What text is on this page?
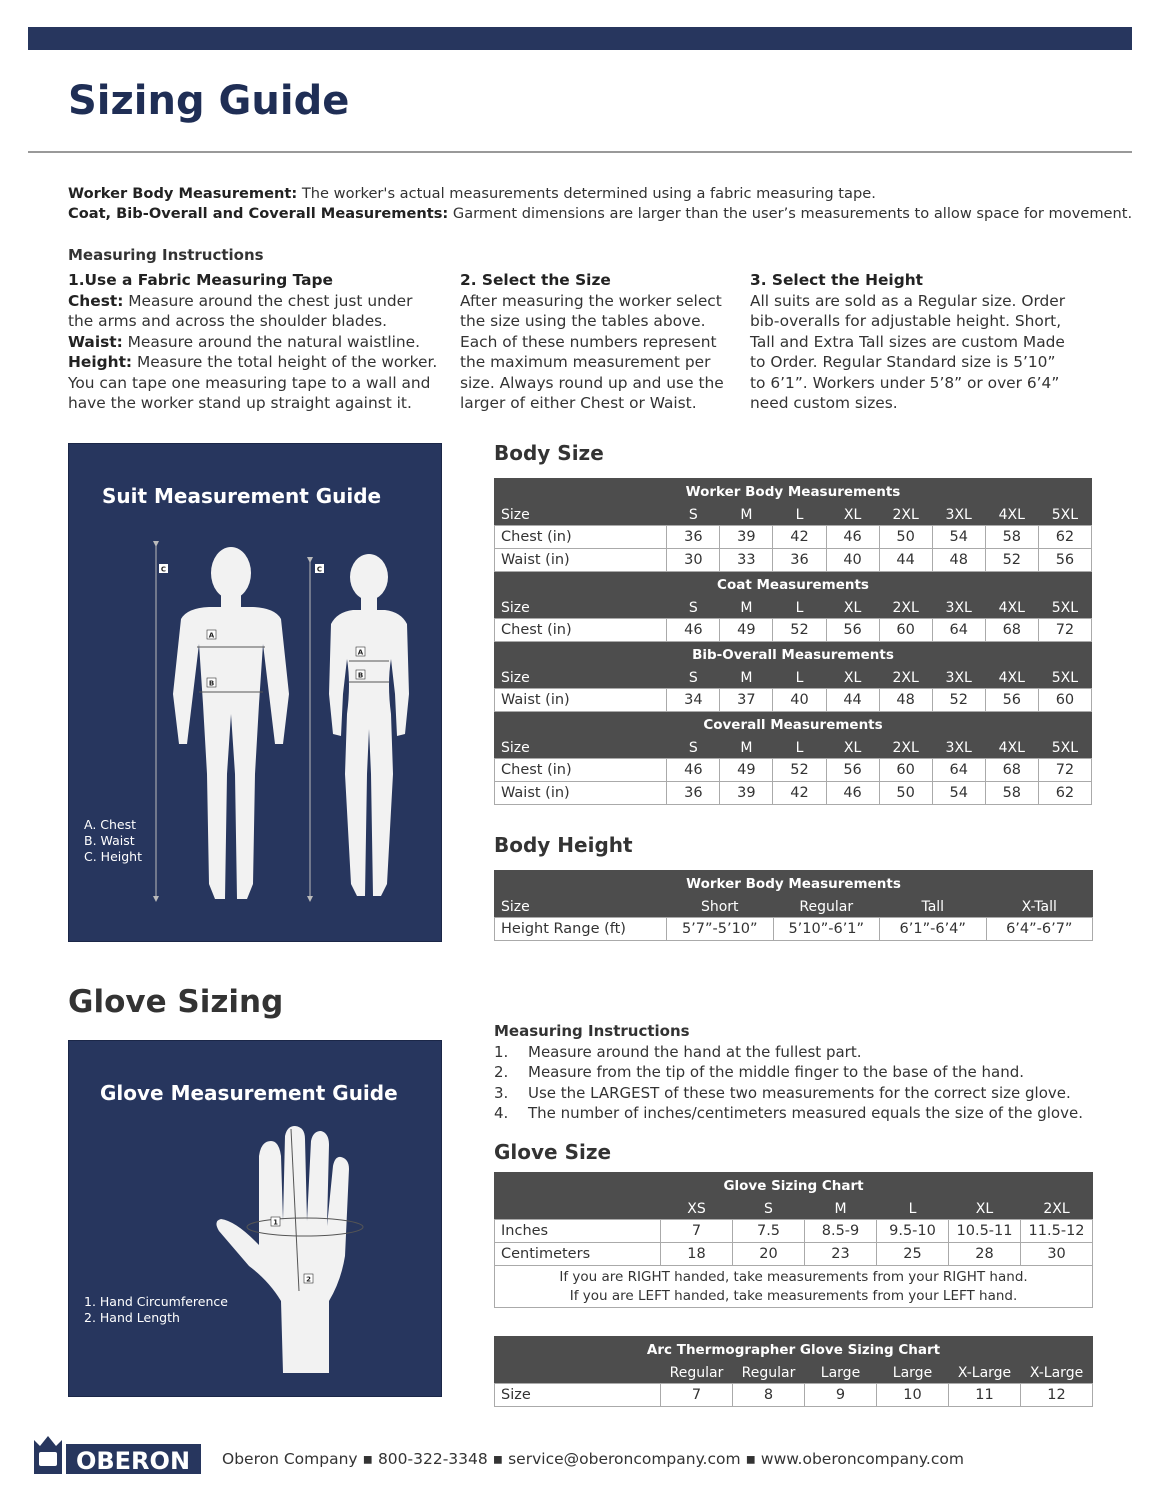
Sizing Guide
Worker Body Measurement: The worker's actual measurements determined using a fabric measuring tape.
Coat, Bib-Overall and Coverall Measurements: Garment dimensions are larger than the user’s measurements to allow space for movement.
Measuring Instructions
1.Use a Fabric Measuring Tape
Chest: Measure around the chest just under the arms and across the shoulder blades.
Waist: Measure around the natural waistline.
Height: Measure the total height of the worker. You can tape one measuring tape to a wall and have the worker stand up straight against it.
2. Select the Size
After measuring the worker select the size using the tables above. Each of these numbers represent the maximum measurement per size. Always round up and use the larger of either Chest or Waist.
3. Select the Height
All suits are sold as a Regular size. Order bib-overalls for adjustable height. Short, Tall and Extra Tall sizes are custom Made to Order. Regular Standard size is 5’10” to 6’1”. Workers under 5’8” or over 6’4” need custom sizes.
Suit Measurement Guide
C	C
A
B
A
B
A. Chest
B. Waist
C. Height
Body Size
Worker Body Measurements								
Size	S	M	L	XL	2XL	3XL	4XL	5XL
Chest (in)	36	39	42	46	50	54	58	62
Waist (in)	30	33	36	40	44	48	52	56
Coat Measurements								
Size	S	M	L	XL	2XL	3XL	4XL	5XL
Chest (in)	46	49	52	56	60	64	68	72
Bib-Overall Measurements								
Size	S	M	L	XL	2XL	3XL	4XL	5XL
Waist (in)	34	37	40	44	48	52	56	60
Coverall Measurements								
Size	S	M	L	XL	2XL	3XL	4XL	5XL
Chest (in)	46	49	52	56	60	64	68	72
Waist (in)	36	39	42	46	50	54	58	62
Body Height
Worker Body Measurements				
Size	Short	Regular	Tall	X-Tall
Height Range (ft)	5’7”-5’10”	5’10”-6’1”	6’1”-6’4”	6’4”-6’7”
Glove Sizing
Glove Measurement Guide
1
2
1. Hand Circumference
2. Hand Length
Measuring Instructions
1.	Measure around the hand at the fullest part.
2.	Measure from the tip of the middle finger to the base of the hand.
3.	Use the LARGEST of these two measurements for the correct size glove.
4.	The number of inches/centimeters measured equals the size of the glove.
Glove Size
Glove Sizing Chart						
	XS	S	M	L	XL	2XL
Inches	7	7.5	8.5-9	9.5-10	10.5-11	11.5-12
Centimeters	18	20	23	25	28	30

If you are RIGHT handed, take measurements from your RIGHT hand.
If you are LEFT handed, take measurements from your LEFT hand.						
Arc Thermographer Glove Sizing Chart						
	Regular	Regular	Large	Large	X-Large	X-Large
Size	7	8	9	10	11	12
OBERON Oberon Company ▪ 800-322-3348 ▪ service@oberoncompany.com ▪ www.oberoncompany.com
